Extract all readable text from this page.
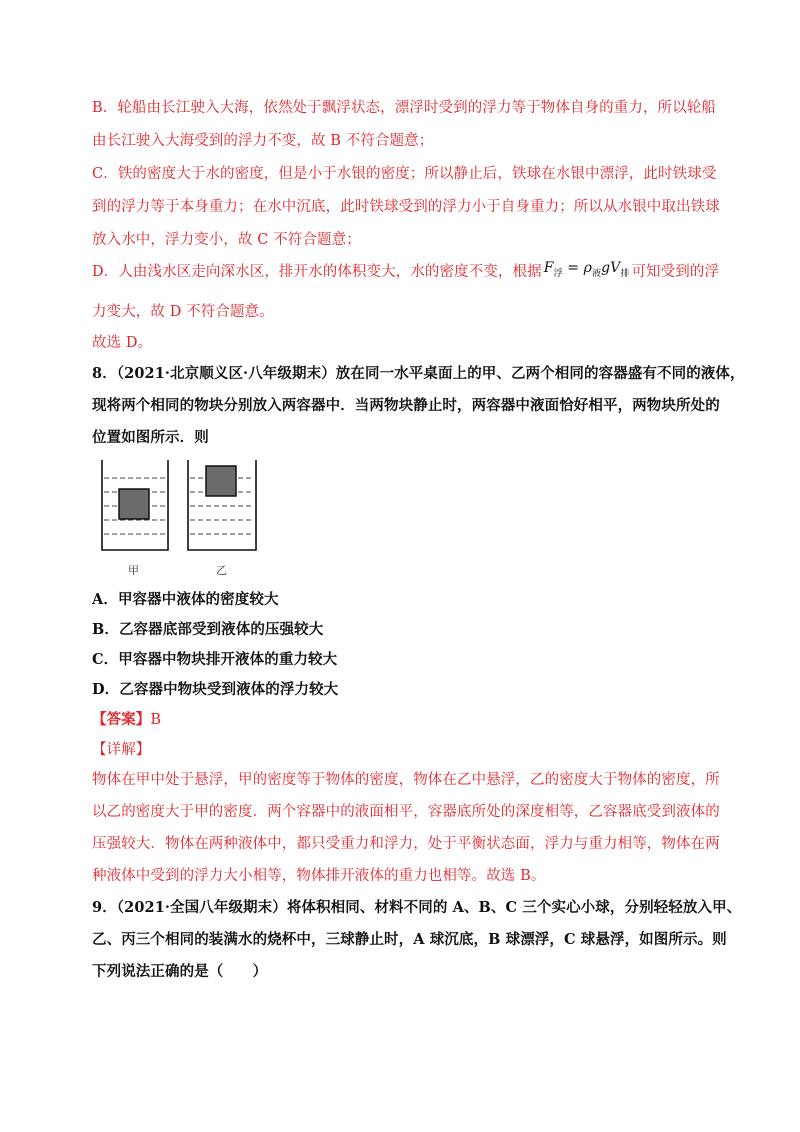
B．轮船由长江驶入大海，依然处于飘浮状态，漂浮时受到的浮力等于物体自身的重力，所以轮船
由长江驶入大海受到的浮力不变，故 B 不符合题意；
C．铁的密度大于水的密度，但是小于水银的密度；所以静止后，铁球在水银中漂浮，此时铁球受
到的浮力等于本身重力；在水中沉底，此时铁球受到的浮力小于自身重力；所以从水银中取出铁球
放入水中，浮力变小，故 C 不符合题意；
D．人由浅水区走向深水区，排开水的体积变大，水的密度不变，根据 $F_浮 = \rho_液gV_排$ 可知受到的浮
力变大，故 D 不符合题意。
故选 D。
8．（2021·北京顺义区·八年级期末）放在同一水平桌面上的甲、乙两个相同的容器盛有不同的液体，
现将两个相同的物块分别放入两容器中．当两物块静止时，两容器中液面恰好相平，两物块所处的
位置如图所示．则
甲	乙
A．甲容器中液体的密度较大
B．乙容器底部受到液体的压强较大
C．甲容器中物块排开液体的重力较大
D．乙容器中物块受到液体的浮力较大
【答案】B
【详解】
物体在甲中处于悬浮，甲的密度等于物体的密度，物体在乙中悬浮，乙的密度大于物体的密度，所
以乙的密度大于甲的密度．两个容器中的液面相平，容器底所处的深度相等，乙容器底受到液体的
压强较大．物体在两种液体中，都只受重力和浮力，处于平衡状态面，浮力与重力相等，物体在两
种液体中受到的浮力大小相等，物体排开液体的重力也相等。故选 B。
9．（2021·全国八年级期末）将体积相同、材料不同的 A、B、C 三个实心小球，分别轻轻放入甲、
乙、丙三个相同的装满水的烧杯中，三球静止时，A 球沉底，B 球漂浮，C 球悬浮，如图所示。则
下列说法正确的是（　　）
